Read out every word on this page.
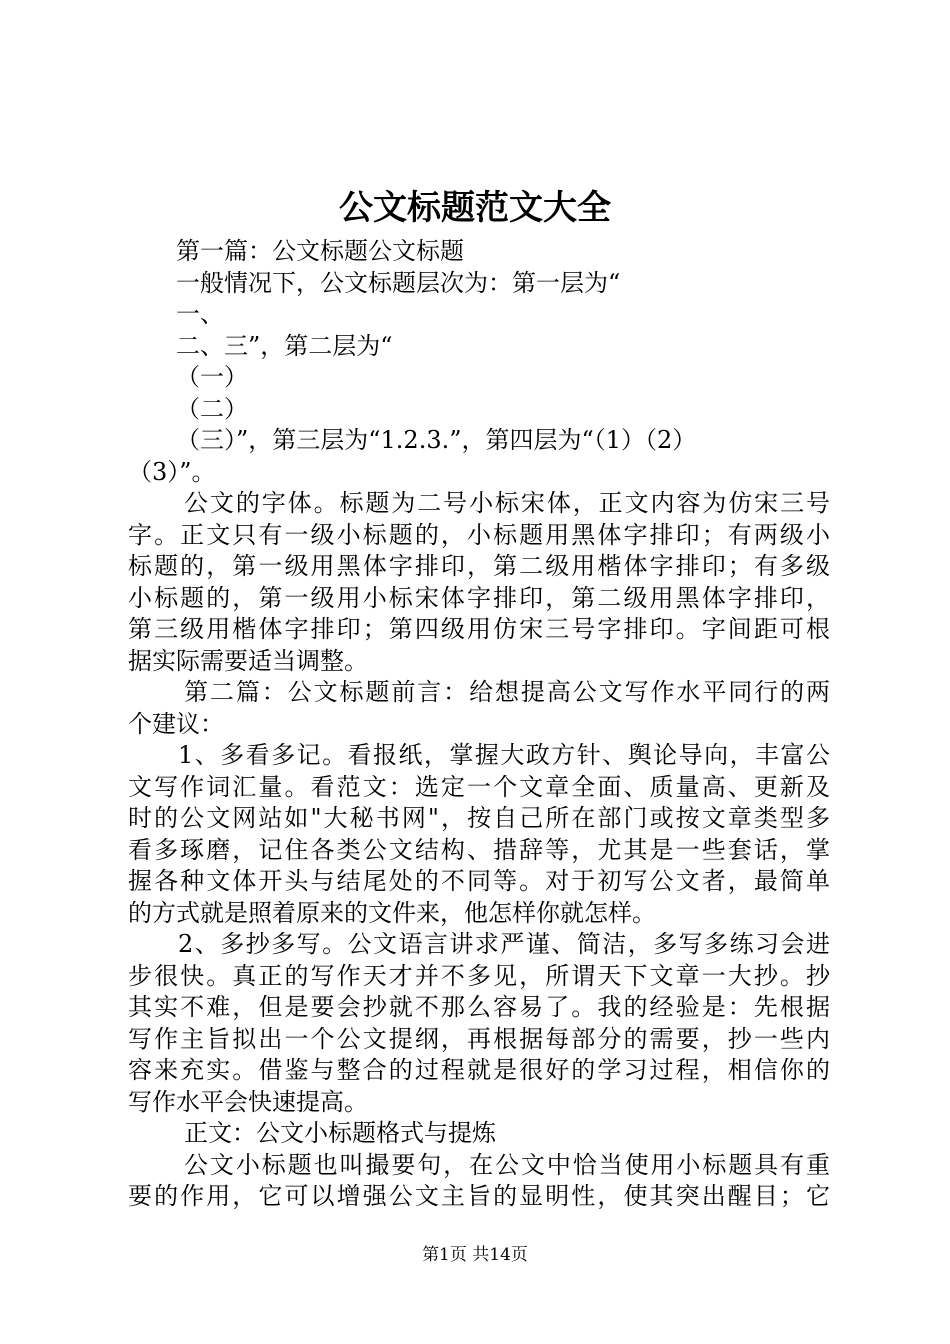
公文标题范文大全
第一篇：公文标题公文标题
一般情况下，公文标题层次为：第一层为“
一、
二、三”，第二层为“
（一）
（二）
（三）”，第三层为“1.2.3.”，第四层为“（1）（2）
（3）”。
公文的字体。标题为二号小标宋体，正文内容为仿宋三号
字。正文只有一级小标题的，小标题用黑体字排印；有两级小
标题的，第一级用黑体字排印，第二级用楷体字排印；有多级
小标题的，第一级用小标宋体字排印，第二级用黑体字排印，
第三级用楷体字排印；第四级用仿宋三号字排印。字间距可根
据实际需要适当调整。
第二篇：公文标题前言：给想提高公文写作水平同行的两
个建议：
1、多看多记。看报纸，掌握大政方针、舆论导向，丰富公
文写作词汇量。看范文：选定一个文章全面、质量高、更新及
时的公文网站如"大秘书网"，按自己所在部门或按文章类型多
看多琢磨，记住各类公文结构、措辞等，尤其是一些套话，掌
握各种文体开头与结尾处的不同等。对于初写公文者，最简单
的方式就是照着原来的文件来，他怎样你就怎样。
2、多抄多写。公文语言讲求严谨、简洁，多写多练习会进
步很快。真正的写作天才并不多见，所谓天下文章一大抄。抄
其实不难，但是要会抄就不那么容易了。我的经验是：先根据
写作主旨拟出一个公文提纲，再根据每部分的需要，抄一些内
容来充实。借鉴与整合的过程就是很好的学习过程，相信你的
写作水平会快速提高。
正文：公文小标题格式与提炼
公文小标题也叫撮要句，在公文中恰当使用小标题具有重
要的作用，它可以增强公文主旨的显明性，使其突出醒目；它
第1页 共14页
